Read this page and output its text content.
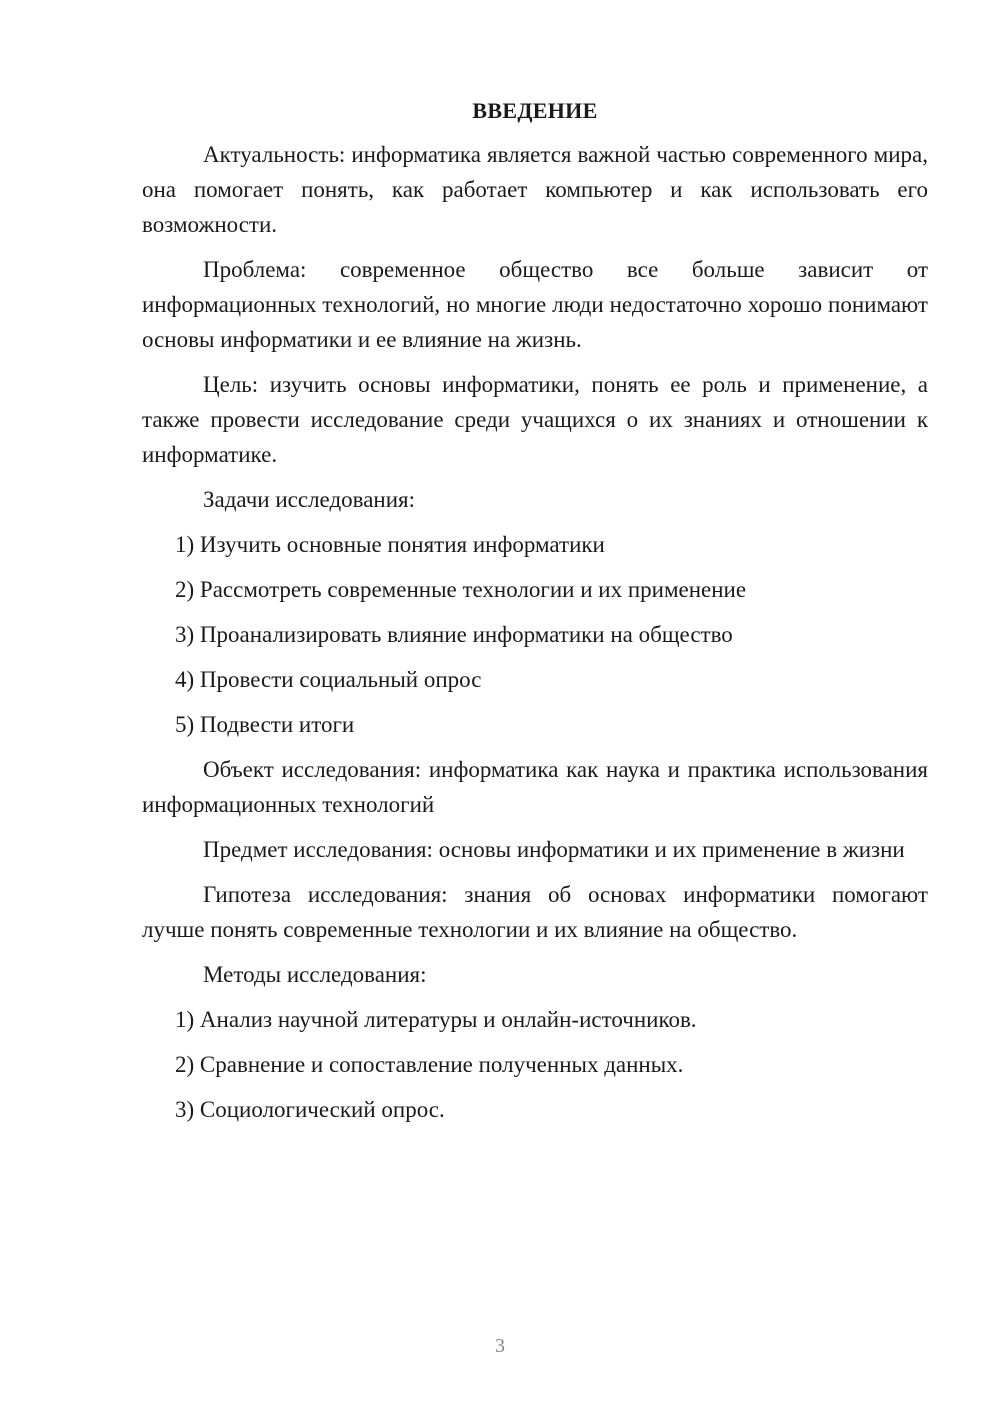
ВВЕДЕНИЕ

Актуальность: информатика является важной частью современного мира, она помогает понять, как работает компьютер и как использовать его возможности.

Проблема: современное общество все больше зависит от информационных технологий, но многие люди недостаточно хорошо понимают основы информатики и ее влияние на жизнь.

Цель: изучить основы информатики, понять ее роль и применение, а также провести исследование среди учащихся о их знаниях и отношении к информатике.

Задачи исследования:

1) Изучить основные понятия информатики
2) Рассмотреть современные технологии и их применение
3) Проанализировать влияние информатики на общество
4) Провести социальный опрос
5) Подвести итоги

Объект исследования: информатика как наука и практика использования информационных технологий

Предмет исследования: основы информатики и их применение в жизни

Гипотеза исследования: знания об основах информатики помогают лучше понять современные технологии и их влияние на общество.

Методы исследования:

1) Анализ научной литературы и онлайн-источников.
2) Сравнение и сопоставление полученных данных.
3) Социологический опрос.
3
